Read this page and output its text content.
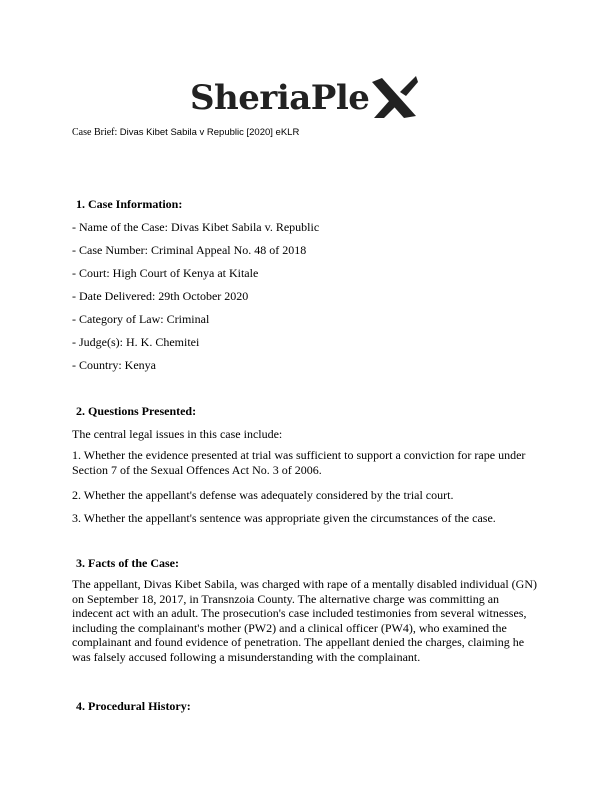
SheriaPle
Case Brief: Divas Kibet Sabila v Republic [2020] eKLR
1. Case Information:
- Name of the Case: Divas Kibet Sabila v. Republic
- Case Number: Criminal Appeal No. 48 of 2018
- Court: High Court of Kenya at Kitale
- Date Delivered: 29th October 2020
- Category of Law: Criminal
- Judge(s): H. K. Chemitei
- Country: Kenya
2. Questions Presented:
The central legal issues in this case include:
1. Whether the evidence presented at trial was sufficient to support a conviction for rape under Section 7 of the Sexual Offences Act No. 3 of 2006.
2. Whether the appellant's defense was adequately considered by the trial court.
3. Whether the appellant's sentence was appropriate given the circumstances of the case.
3. Facts of the Case:
The appellant, Divas Kibet Sabila, was charged with rape of a mentally disabled individual (GN) on September 18, 2017, in Transnzoia County. The alternative charge was committing an indecent act with an adult. The prosecution's case included testimonies from several witnesses, including the complainant's mother (PW2) and a clinical officer (PW4), who examined the complainant and found evidence of penetration. The appellant denied the charges, claiming he was falsely accused following a misunderstanding with the complainant.
4. Procedural History:
